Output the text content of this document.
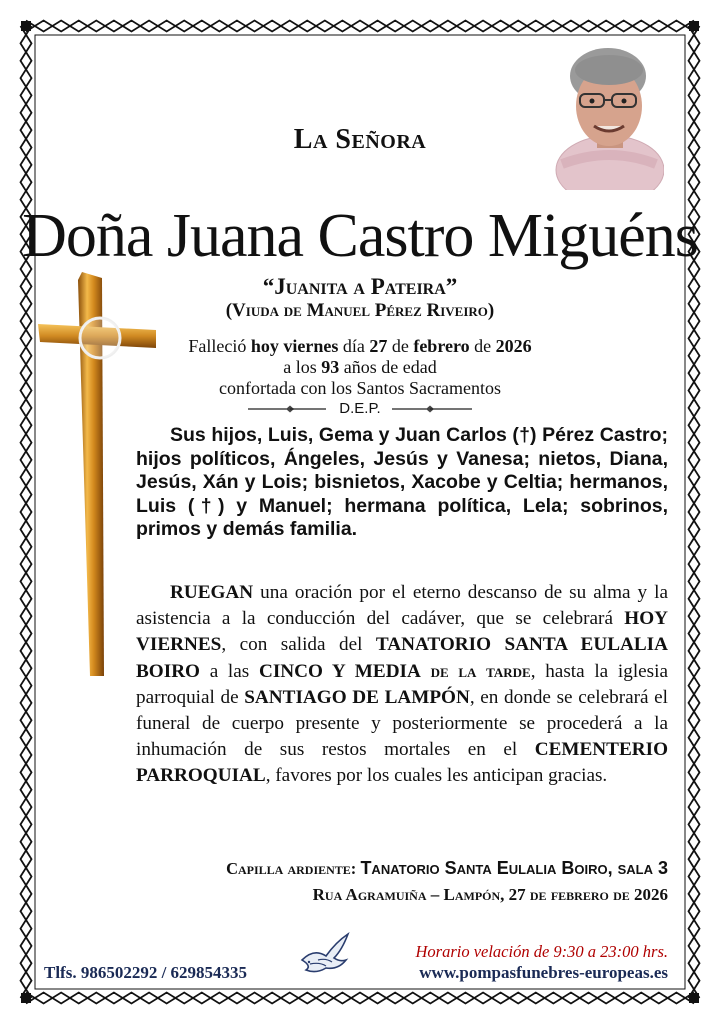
La Señora
Doña Juana Castro Miguéns
“Juanita a Pateira”
(Viuda de Manuel Pérez Riveiro)
Falleció hoy viernes día 27 de febrero de 2026
a los 93 años de edad
confortada con los Santos Sacramentos
D.E.P.
Sus hijos, Luis, Gema y Juan Carlos (†) Pérez Castro; hijos políticos, Ángeles, Jesús y Vanesa; nietos, Diana, Jesús, Xán y Lois; bisnietos, Xacobe y Celtia; hermanos, Luis (†) y Manuel; hermana política, Lela; sobrinos, primos y demás familia.
RUEGAN una oración por el eterno descanso de su alma y la asistencia a la conducción del cadáver, que se celebrará HOY VIERNES, con salida del TANATORIO SANTA EULALIA BOIRO a las CINCO Y MEDIA de la tarde, hasta la iglesia parroquial de SANTIAGO DE LAMPÓN, en donde se celebrará el funeral de cuerpo presente y posteriormente se procederá a la inhumación de sus restos mortales en el CEMENTERIO PARROQUIAL, favores por los cuales les anticipan gracias.
Capilla ardiente: Tanatorio Santa Eulalia Boiro, sala 3
Rua Agramuiña – Lampón, 27 de febrero de 2026
Tlfs. 986502292 / 629854335
Horario velación de 9:30 a 23:00 hrs.
www.pompasfunebres-europeas.es
